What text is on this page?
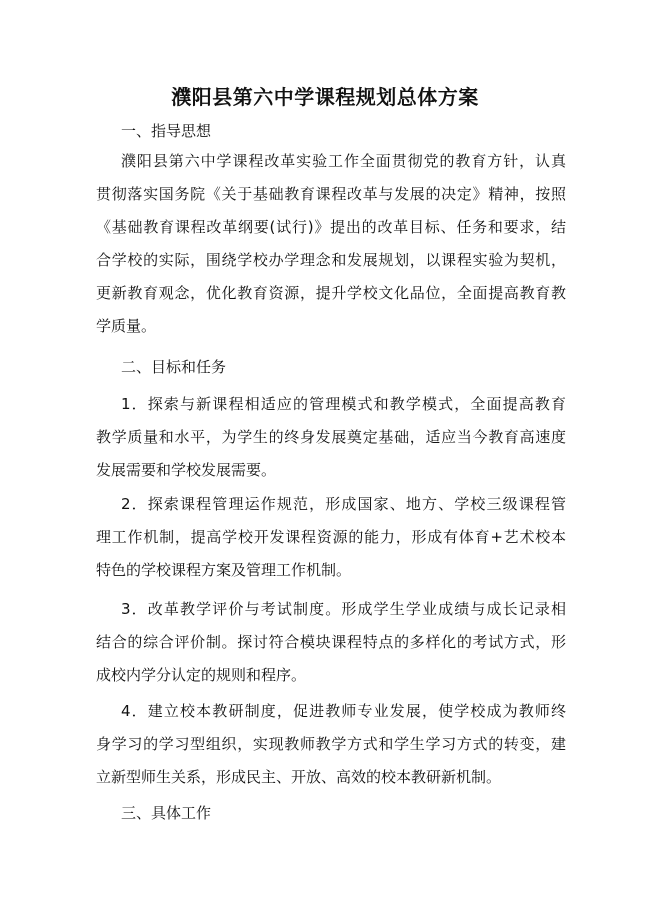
濮阳县第六中学课程规划总体方案
一、指导思想
濮阳县第六中学课程改革实验工作全面贯彻党的教育方针，认真
贯彻落实国务院《关于基础教育课程改革与发展的决定》精神，按照
《基础教育课程改革纲要(试行)》提出的改革目标、任务和要求，结
合学校的实际，围绕学校办学理念和发展规划，以课程实验为契机，
更新教育观念，优化教育资源，提升学校文化品位，全面提高教育教
学质量。
二、目标和任务
1．探索与新课程相适应的管理模式和教学模式，全面提高教育
教学质量和水平，为学生的终身发展奠定基础，适应当今教育高速度
发展需要和学校发展需要。
2．探索课程管理运作规范，形成国家、地方、学校三级课程管
理工作机制，提高学校开发课程资源的能力，形成有体育+艺术校本
特色的学校课程方案及管理工作机制。
3．改革教学评价与考试制度。形成学生学业成绩与成长记录相
结合的综合评价制。探讨符合模块课程特点的多样化的考试方式，形
成校内学分认定的规则和程序。
4．建立校本教研制度，促进教师专业发展，使学校成为教师终
身学习的学习型组织，实现教师教学方式和学生学习方式的转变，建
立新型师生关系，形成民主、开放、高效的校本教研新机制。
三、具体工作
